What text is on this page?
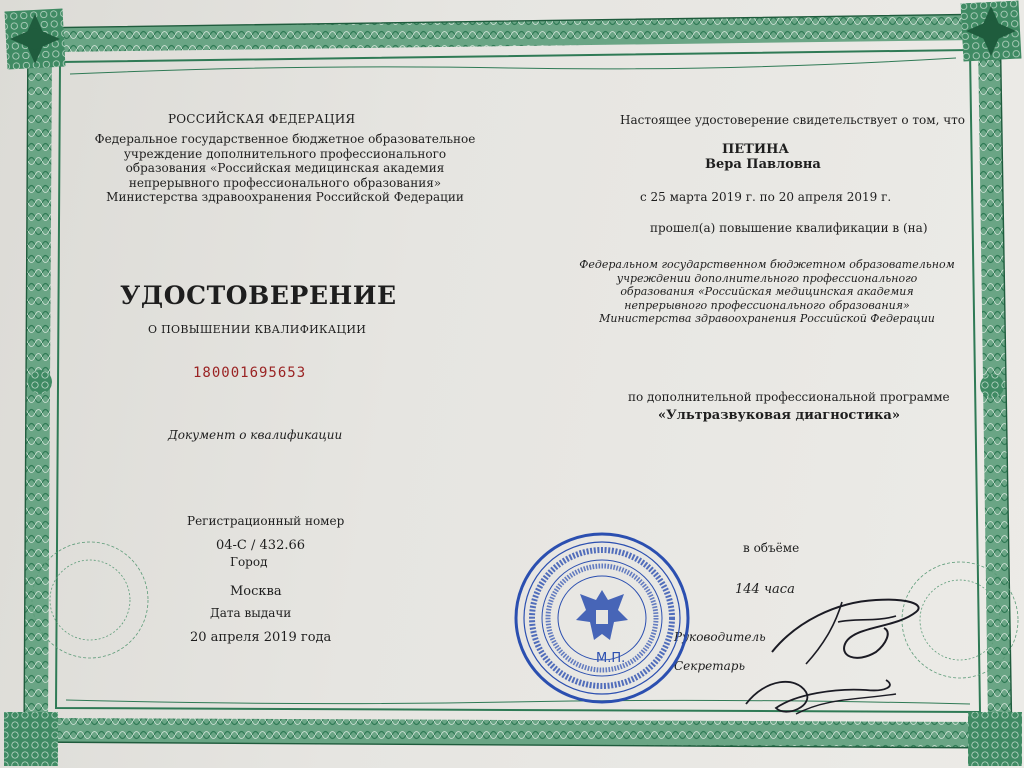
РОССИЙСКАЯ ФЕДЕРАЦИЯ
Федеральное государственное бюджетное образовательное учреждение дополнительного профессионального образования «Российская медицинская академия непрерывного профессионального образования» Министерства здравоохранения Российской Федерации
УДОСТОВЕРЕНИЕ
О ПОВЫШЕНИИ КВАЛИФИКАЦИИ
180001695653
Документ о квалификации
Регистрационный номер
04-С / 432.66
Город
Москва
Дата выдачи
20 апреля 2019 года
Настоящее удостоверение свидетельствует о том, что
ПЕТИНА
Вера Павловна
с 25 марта 2019 г. по 20 апреля 2019 г.
прошел(а) повышение квалификации в (на)
Федеральном государственном бюджетном образовательном учреждении дополнительного профессионального образования «Российская медицинская академия непрерывного профессионального образования» Министерства здравоохранения Российской Федерации
по дополнительной профессиональной программе
«Ультразвуковая диагностика»
в объёме
144 часа
Руководитель
Секретарь
М.П.
